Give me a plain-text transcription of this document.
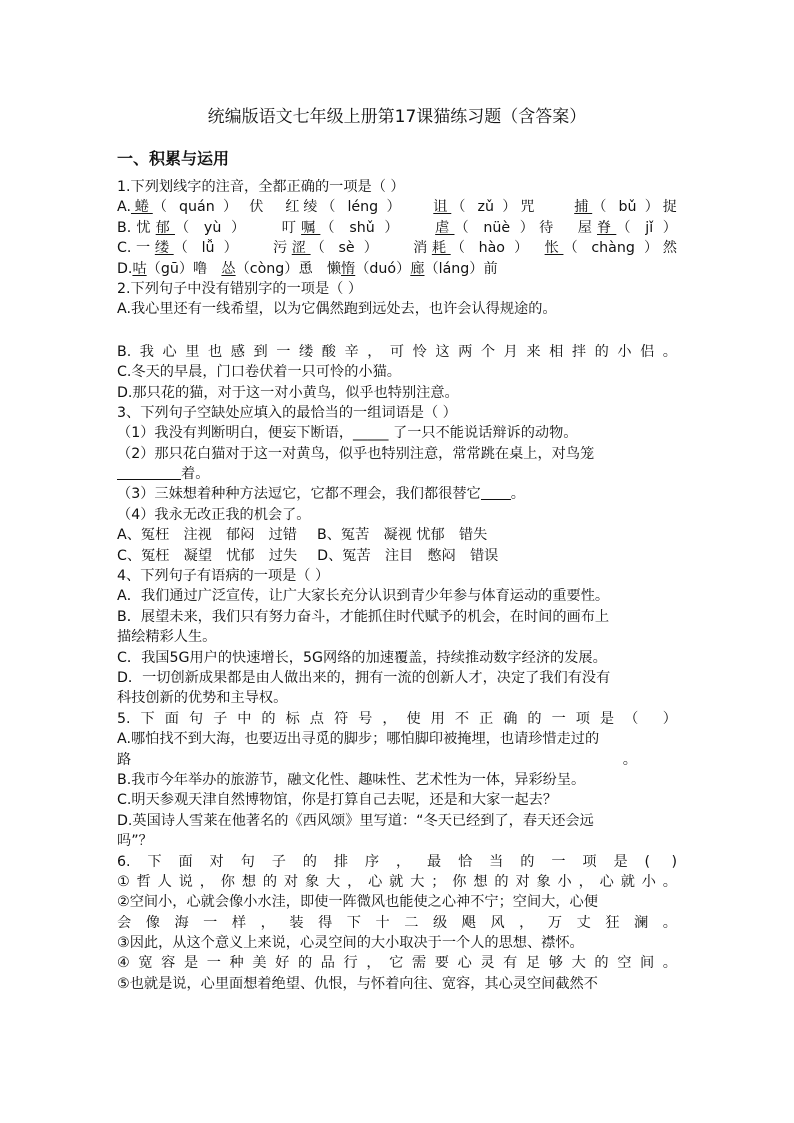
统编版语文七年级上册第17课猫练习题（含答案）
一、积累与运用
1.下列划线字的注音，全都正确的一项是（ ）
A.蜷（ quán ） 伏　红绫（ léng ）　　诅（ zǔ ）咒　　捕（ bǔ ）捉
B.忧郁（ yù ）　　叮嘱（ shǔ ）　　虐（ nüè ）待　屋脊（ jǐ ）
C.一缕（ lǚ ）　　污涩（ sè ）　　消耗（ hào ）　怅（ chàng ）然
D.咕（gū）噜　怂（còng）恿　懒惰（duó）廊（láng）前
2.下列句子中没有错别字的一项是（ ）
A.我心里还有一线希望，以为它偶然跑到远处去，也许会认得规途的。
B.我心里也感到一缕酸辛，可怜这两个月来相拌的小侣。
C.冬天的早晨，门口卷伏着一只可怜的小猫。
D.那只花的猫，对于这一对小黄鸟，似乎也特别注意。
3、下列句子空缺处应填入的最恰当的一组词语是（ ）
（1）我没有判断明白，便妄下断语，_____ 了一只不能说话辩诉的动物。
（2）那只花白猫对于这一对黄鸟，似乎也特别注意，常常跳在桌上，对鸟笼
着。
（3）三妹想着种种方法逗它，它都不理会，我们都很替它 。
（4）我永无改正我的机会了。
A、冤枉　注视　郁闷　过错 B、冤苦　凝视 忧郁　错失
C、冤枉　凝望　忧郁　过失 D、冤苦　注目　憋闷　错误
4、下列句子有语病的一项是（ ）
A．我们通过广泛宣传，让广大家长充分认识到青少年参与体育运动的重要性。
B．展望未来，我们只有努力奋斗，才能抓住时代赋予的机会，在时间的画布上
描绘精彩人生。
C．我国5G用户的快速增长，5G网络的加速覆盖，持续推动数字经济的发展。
D．一切创新成果都是由人做出来的，拥有一流的创新人才，决定了我们有没有
科技创新的优势和主导权。
5.下面句子中的标点符号，使用不正确的一项是（ ）
A.哪怕找不到大海，也要迈出寻觅的脚步；哪怕脚印被掩埋，也请珍惜走过的
路	。
B.我市今年举办的旅游节，融文化性、趣味性、艺术性为一体，异彩纷呈。
C.明天参观天津自然博物馆，你是打算自己去呢，还是和大家一起去？
D.英国诗人雪莱在他著名的《西风颂》里写道：“冬天已经到了，春天还会远
吗”？
6.下面对句子的排序，最恰当的一项是( )
①哲人说，你想的对象大，心就大；你想的对象小，心就小。
②空间小，心就会像小水洼，即使一阵微风也能使之心神不宁；空间大，心便
会像海一样，装得下十二级飓风，万丈狂澜。
③因此，从这个意义上来说，心灵空间的大小取决于一个人的思想、襟怀。
④宽容是一种美好的品行，它需要心灵有足够大的空间。
⑤也就是说，心里面想着绝望、仇恨，与怀着向往、宽容，其心灵空间截然不
